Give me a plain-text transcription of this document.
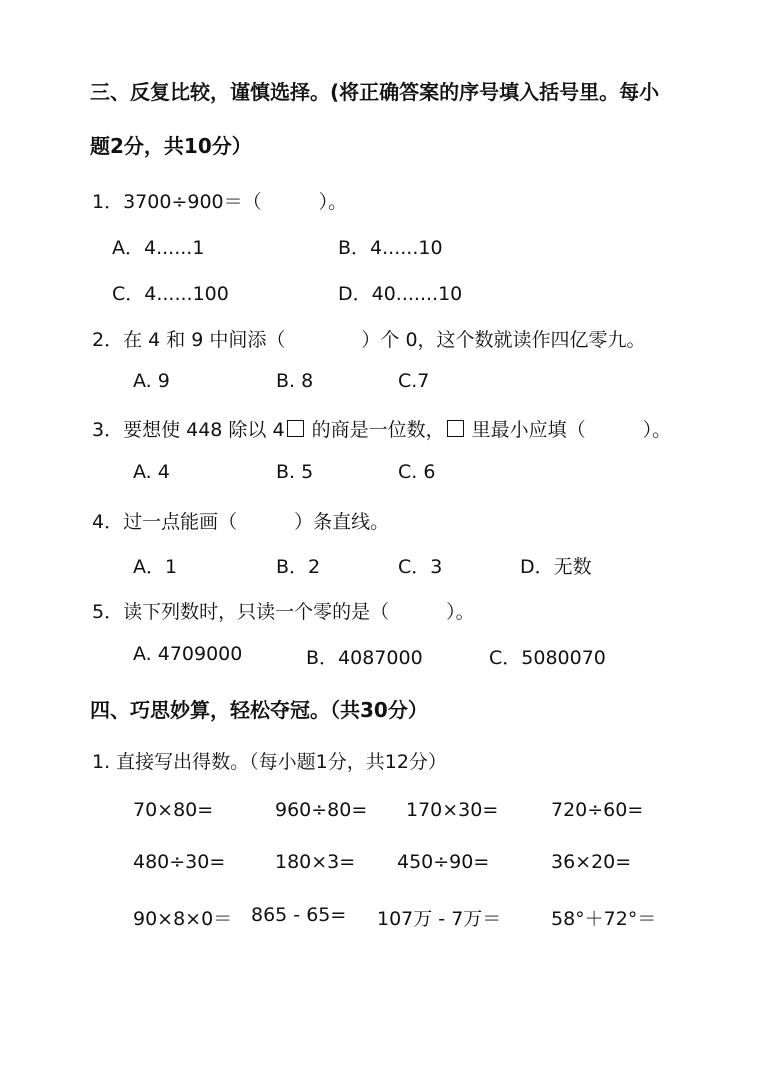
三、反复比较，谨慎选择。(将正确答案的序号填入括号里。每小
题2分，共10分）
1．3700÷900＝（　　　）。
A．4......1	B．4......10
C．4......100	D．40.......10
2．在 4 和 9 中间添（　　　　）个 0，这个数就读作四亿零九。
A. 9	B. 8	C.7
3．要想使 448 除以 4 的商是一位数， 里最小应填（　　　）。
A. 4	B. 5	C. 6
4．过一点能画（　　　）条直线。
A．1	B．2	C．3	D．无数
5．读下列数时，只读一个零的是（　　　）。
A. 4709000	B．4087000	C．5080070
四、巧思妙算，轻松夺冠。（共30分）
1. 直接写出得数。（每小题1分，共12分）
70×80=	960÷80= 170×30=	720÷60=
480÷30=	180×3= 450÷90=	36×20=
90×8×0＝ 865 - 65= 107万 - 7万＝	58°＋72°＝
